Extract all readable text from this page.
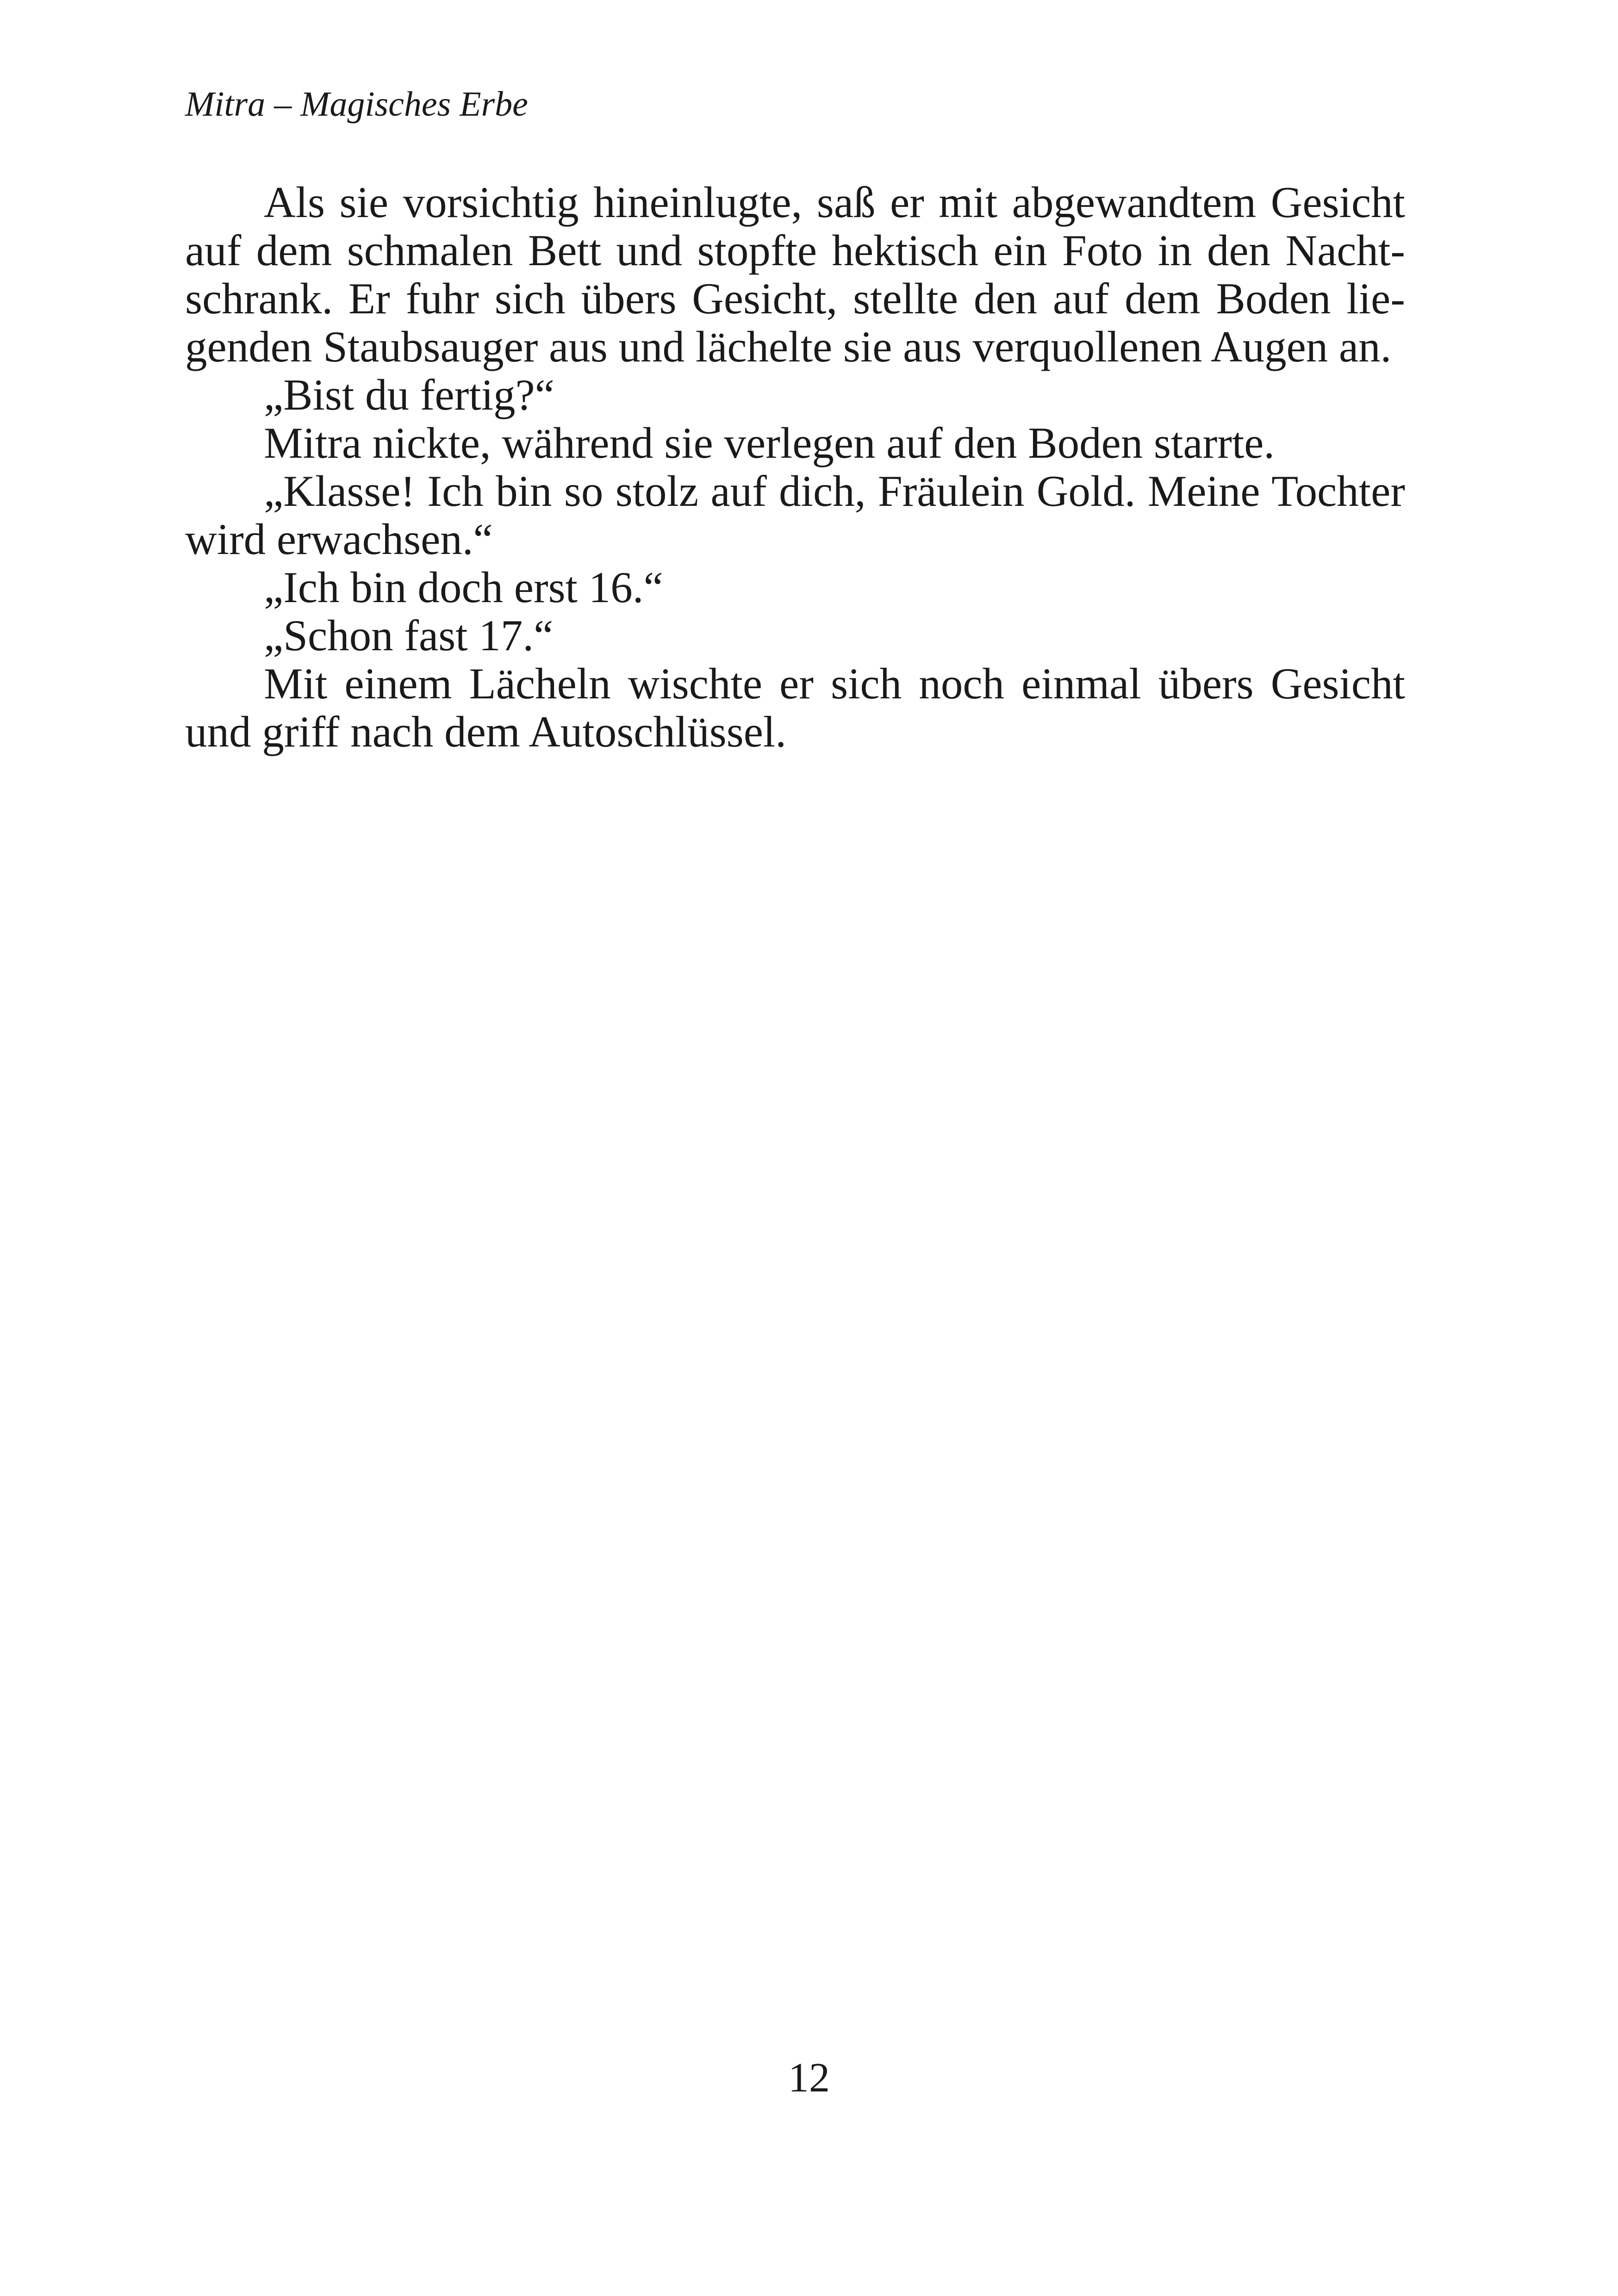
Mitra – Magisches Erbe

Als sie vorsichtig hineinlugte, saß er mit abgewandtem Gesicht auf dem schmalen Bett und stopfte hektisch ein Foto in den Nachtschrank. Er fuhr sich übers Gesicht, stellte den auf dem Boden liegenden Staubsauger aus und lächelte sie aus verquollenen Augen an.

„Bist du fertig?“

Mitra nickte, während sie verlegen auf den Boden starrte.

„Klasse! Ich bin so stolz auf dich, Fräulein Gold. Meine Tochter wird erwachsen.“

„Ich bin doch erst 16.“

„Schon fast 17.“

Mit einem Lächeln wischte er sich noch einmal übers Gesicht und griff nach dem Autoschlüssel.

12
